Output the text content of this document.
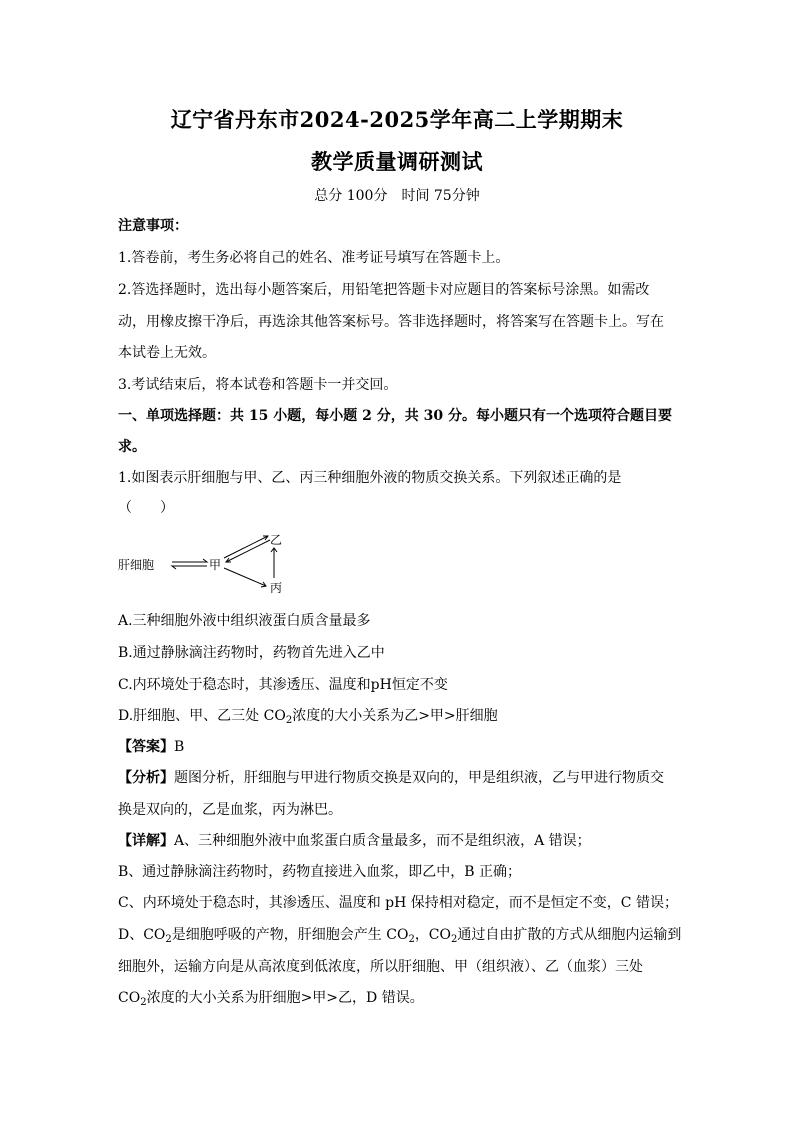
辽宁省丹东市2024-2025学年高二上学期期末
教学质量调研测试
总分 100分　时间 75分钟
注意事项：
1.答卷前，考生务必将自己的姓名、准考证号填写在答题卡上。
2.答选择题时，选出每小题答案后，用铅笔把答题卡对应题目的答案标号涂黑。如需改
动，用橡皮擦干净后，再选涂其他答案标号。答非选择题时，将答案写在答题卡上。写在
本试卷上无效。
3.考试结束后，将本试卷和答题卡一并交回。
一、单项选择题：共 15 小题，每小题 2 分，共 30 分。每小题只有一个选项符合题目要
求。
1.如图表示肝细胞与甲、乙、丙三种细胞外液的物质交换关系。下列叙述正确的是
（　　）
肝细胞	甲
乙
丙
A.三种细胞外液中组织液蛋白质含量最多
B.通过静脉滴注药物时，药物首先进入乙中
C.内环境处于稳态时，其渗透压、温度和pH恒定不变
D.肝细胞、甲、乙三处 $CO_2$浓度的大小关系为乙>甲>肝细胞
【答案】B
【分析】题图分析，肝细胞与甲进行物质交换是双向的，甲是组织液，乙与甲进行物质交
换是双向的，乙是血浆，丙为淋巴。
【详解】A、三种细胞外液中血浆蛋白质含量最多，而不是组织液，A 错误；
B、通过静脉滴注药物时，药物直接进入血浆，即乙中，B 正确；
C、内环境处于稳态时，其渗透压、温度和 pH 保持相对稳定，而不是恒定不变，C 错误；
D、$CO_2$是细胞呼吸的产物，肝细胞会产生 $CO_2$，$CO_2$通过自由扩散的方式从细胞内运输到
细胞外，运输方向是从高浓度到低浓度，所以肝细胞、甲（组织液）、乙（血浆）三处
$CO_2$浓度的大小关系为肝细胞>甲>乙，D 错误。
